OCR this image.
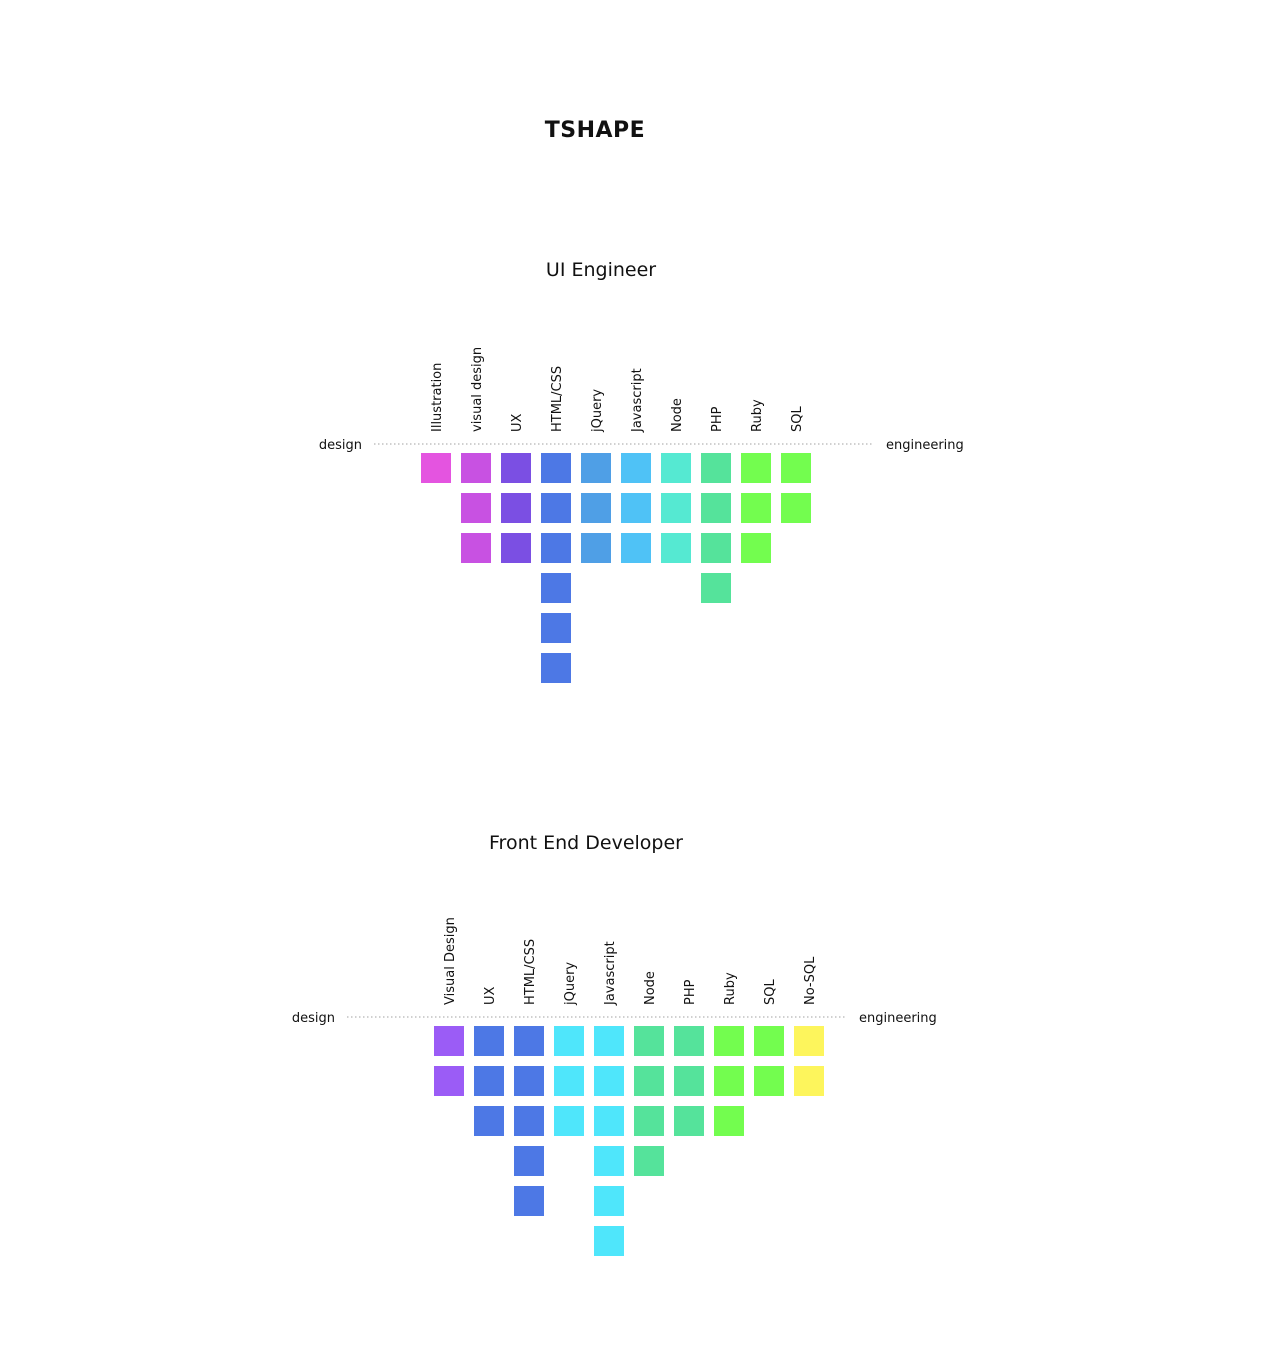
TSHAPE
UI Engineer
design	engineering
Illustration visual design UX HTML/CSS jQuery Javascript Node PHP Ruby SQL
Front End Developer
design	engineering
Visual Design UX HTML/CSS jQuery Javascript Node PHP Ruby SQL No-SQL
